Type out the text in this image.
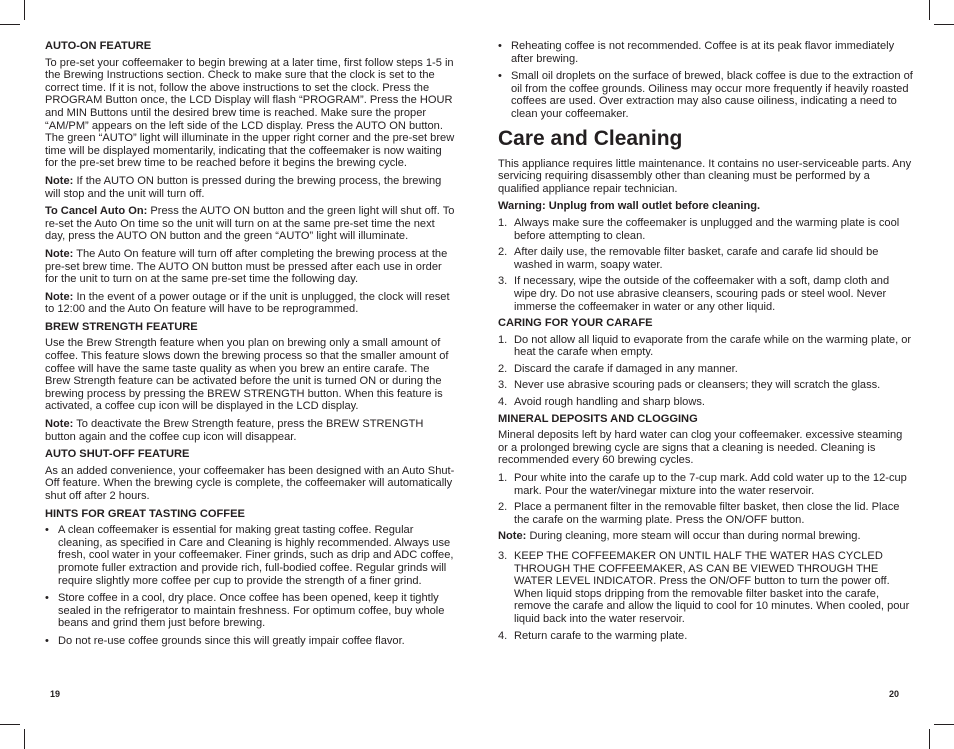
AUTO-ON FEATURE
To pre-set your coffeemaker to begin brewing at a later time, first follow steps 1-5 in the Brewing Instructions section. Check to make sure that the clock is set to the correct time. If it is not, follow the above instructions to set the clock. Press the PROGRAM Button once, the LCD Display will flash “PROGRAM”. Press the HOUR and MIN Buttons until the desired brew time is reached. Make sure the proper “AM/PM” appears on the left side of the LCD display. Press the AUTO ON button. The green “AUTO” light will illuminate in the upper right corner and the pre-set brew time will be displayed momentarily, indicating that the coffeemaker is now waiting for the pre-set brew time to be reached before it begins the brewing cycle.
Note: If the AUTO ON button is pressed during the brewing process, the brewing will stop and the unit will turn off.
To Cancel Auto On: Press the AUTO ON button and the green light will shut off. To re-set the Auto On time so the unit will turn on at the same pre-set time the next day, press the AUTO ON button and the green “AUTO” light will illuminate.
Note: The Auto On feature will turn off after completing the brewing process at the pre-set brew time. The AUTO ON button must be pressed after each use in order for the unit to turn on at the same pre-set time the following day.
Note: In the event of a power outage or if the unit is unplugged, the clock will reset to 12:00 and the Auto On feature will have to be reprogrammed.
BREW STRENGTH FEATURE
Use the Brew Strength feature when you plan on brewing only a small amount of coffee. This feature slows down the brewing process so that the smaller amount of coffee will have the same taste quality as when you brew an entire carafe. The Brew Strength feature can be activated before the unit is turned ON or during the brewing process by pressing the BREW STRENGTH button. When this feature is activated, a coffee cup icon will be displayed in the LCD display.
Note: To deactivate the Brew Strength feature, press the BREW STRENGTH button again and the coffee cup icon will disappear.
AUTO SHUT-OFF FEATURE
As an added convenience, your coffeemaker has been designed with an Auto Shut-Off feature. When the brewing cycle is complete, the coffeemaker will automatically shut off after 2 hours.
HINTS FOR GREAT TASTING COFFEE
• A clean coffeemaker is essential for making great tasting coffee. Regular cleaning, as specified in Care and Cleaning is highly recommended. Always use fresh, cool water in your coffeemaker. Finer grinds, such as drip and ADC coffee, promote fuller extraction and provide rich, full-bodied coffee. Regular grinds will require slightly more coffee per cup to provide the strength of a finer grind.
• Store coffee in a cool, dry place. Once coffee has been opened, keep it tightly sealed in the refrigerator to maintain freshness. For optimum coffee, buy whole beans and grind them just before brewing.
• Do not re-use coffee grounds since this will greatly impair coffee flavor.
• Reheating coffee is not recommended. Coffee is at its peak flavor immediately after brewing.
• Small oil droplets on the surface of brewed, black coffee is due to the extraction of oil from the coffee grounds. Oiliness may occur more frequently if heavily roasted coffees are used. Over extraction may also cause oiliness, indicating a need to clean your coffeemaker.
Care and Cleaning
This appliance requires little maintenance. It contains no user-serviceable parts. Any servicing requiring disassembly other than cleaning must be performed by a qualified appliance repair technician.
Warning: Unplug from wall outlet before cleaning.
1. Always make sure the coffeemaker is unplugged and the warming plate is cool before attempting to clean.
2. After daily use, the removable filter basket, carafe and carafe lid should be washed in warm, soapy water.
3. If necessary, wipe the outside of the coffeemaker with a soft, damp cloth and wipe dry. Do not use abrasive cleansers, scouring pads or steel wool. Never immerse the coffeemaker in water or any other liquid.
CARING FOR YOUR CARAFE
1. Do not allow all liquid to evaporate from the carafe while on the warming plate, or heat the carafe when empty.
2. Discard the carafe if damaged in any manner.
3. Never use abrasive scouring pads or cleansers; they will scratch the glass.
4. Avoid rough handling and sharp blows.
MINERAL DEPOSITS AND CLOGGING
Mineral deposits left by hard water can clog your coffeemaker. excessive steaming or a prolonged brewing cycle are signs that a cleaning is needed. Cleaning is recommended every 60 brewing cycles.
1. Pour white into the carafe up to the 7-cup mark. Add cold water up to the 12-cup mark. Pour the water/vinegar mixture into the water reservoir.
2. Place a permanent filter in the removable filter basket, then close the lid. Place the carafe on the warming plate. Press the ON/OFF button.
Note: During cleaning, more steam will occur than during normal brewing.
3. KEEP THE COFFEEMAKER ON UNTIL HALF THE WATER HAS CYCLED THROUGH THE COFFEEMAKER, AS CAN BE VIEWED THROUGH THE WATER LEVEL INDICATOR. Press the ON/OFF button to turn the power off. When liquid stops dripping from the removable filter basket into the carafe, remove the carafe and allow the liquid to cool for 10 minutes. When cooled, pour liquid back into the water reservoir.
4. Return carafe to the warming plate.
19	20
